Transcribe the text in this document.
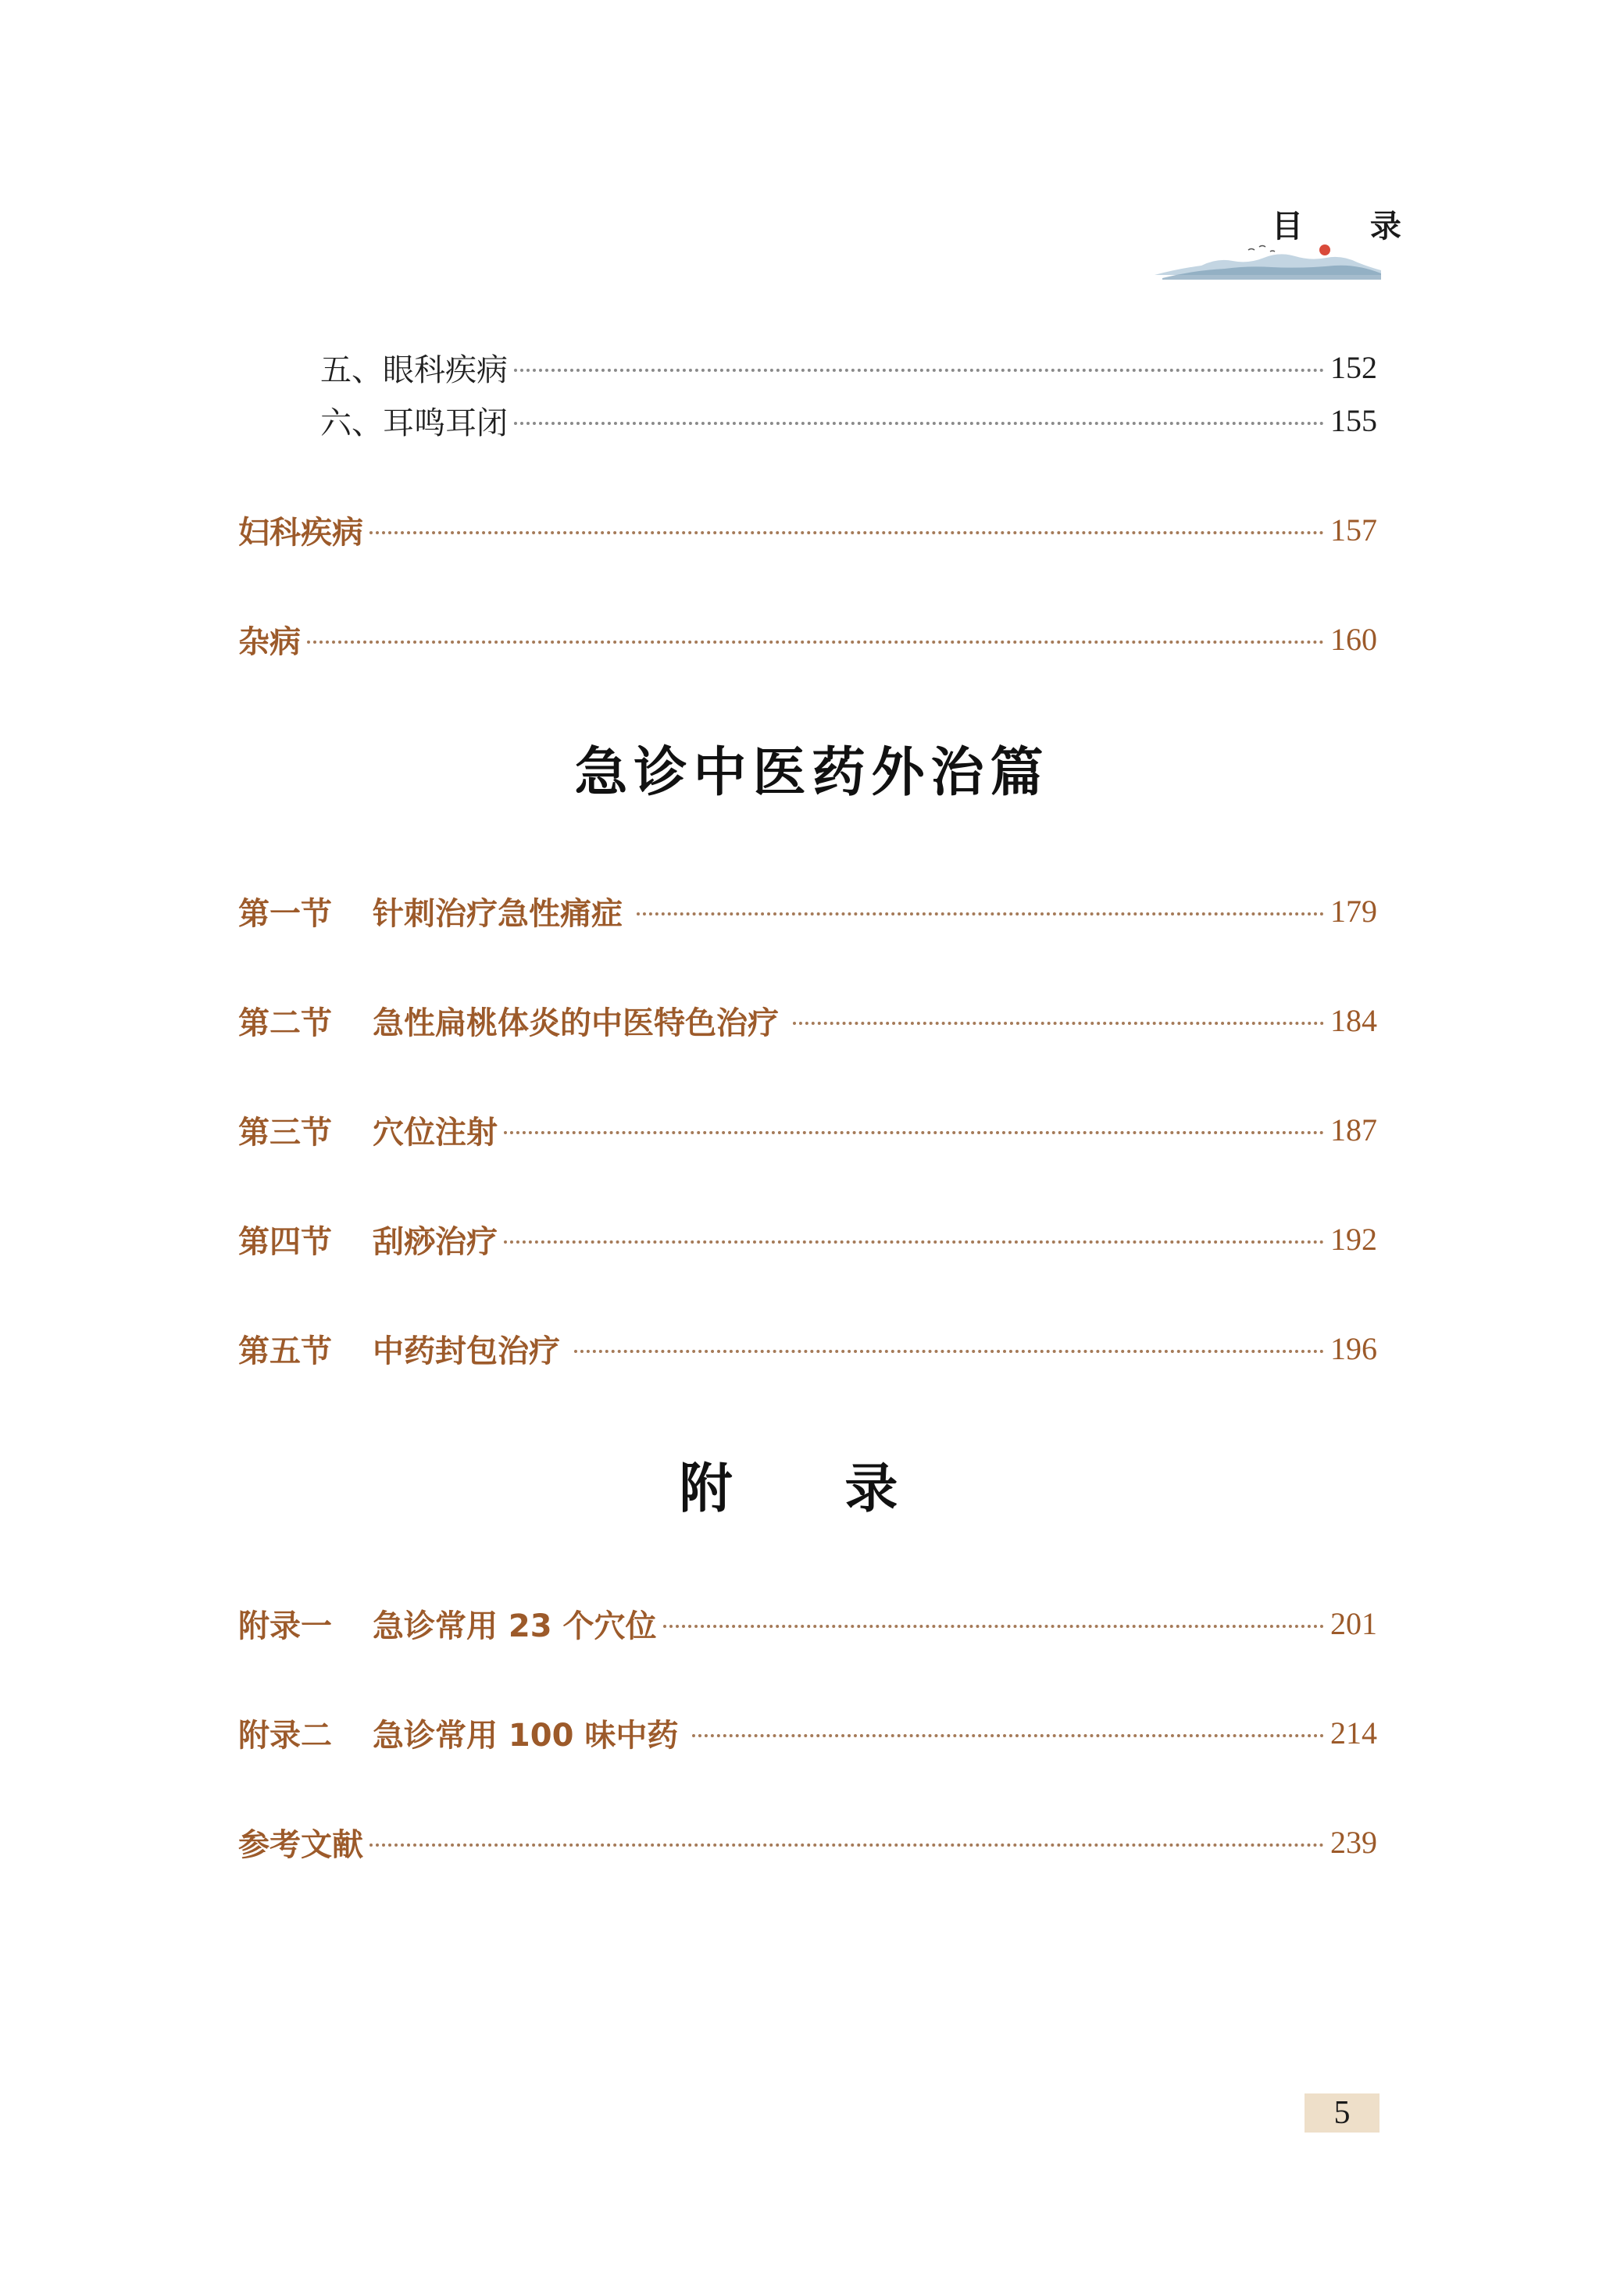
目 录
五、眼科疾病	152
六、耳鸣耳闭	155
妇科疾病	157
杂病	160
急诊中医药外治篇
第一节 针刺治疗急性痛症	179
第二节 急性扁桃体炎的中医特色治疗	184
第三节 穴位注射	187
第四节 刮痧治疗	192
第五节 中药封包治疗	196
附 录
附录一 急诊常用 23 个穴位	201
附录二 急诊常用 100 味中药	214
参考文献	239
5
